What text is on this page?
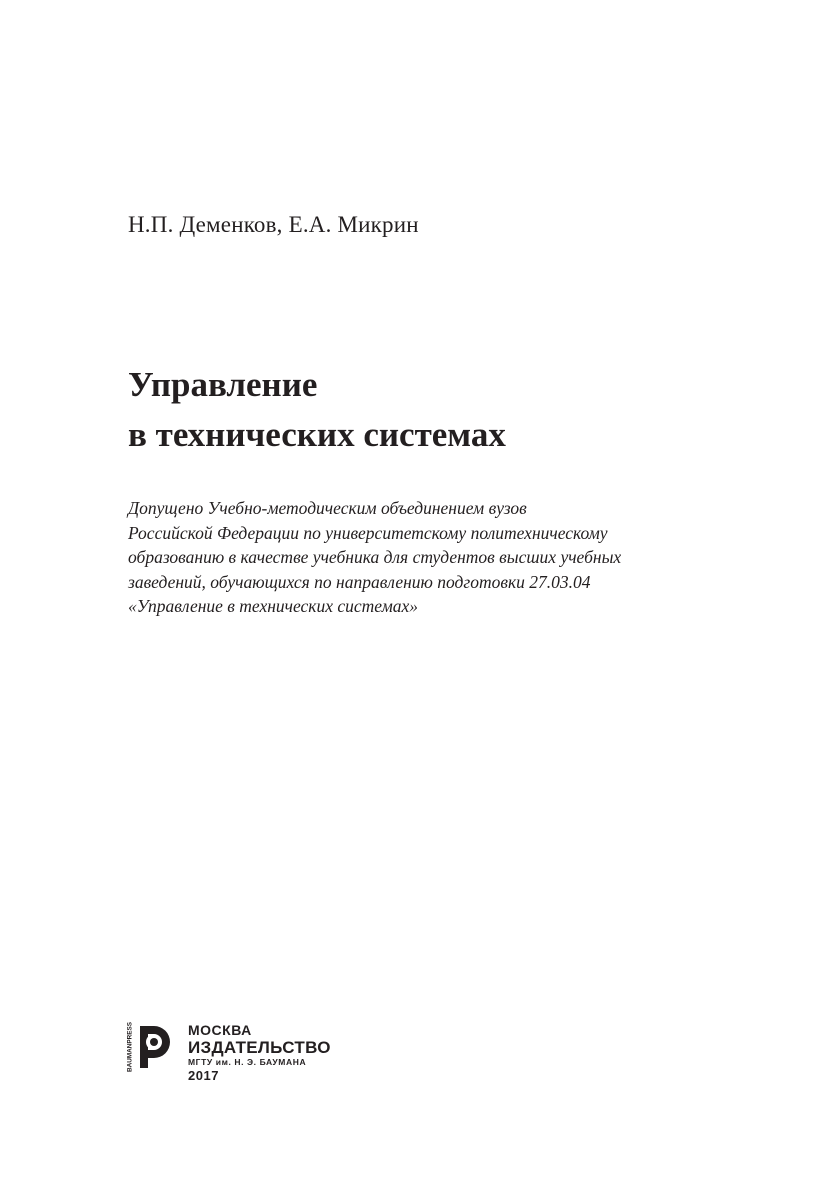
Н.П. Деменков, Е.А. Микрин
Управление
в технических системах
Допущено Учебно-методическим объединением вузов
Российской Федерации по университетскому политехническому
образованию в качестве учебника для студентов высших учебных
заведений, обучающихся по направлению подготовки 27.03.04
«Управление в технических системах»
BAUMANPRESS	МОСКВА
ИЗДАТЕЛЬСТВО
МГТУ им. Н. Э. БАУМАНА
2017
